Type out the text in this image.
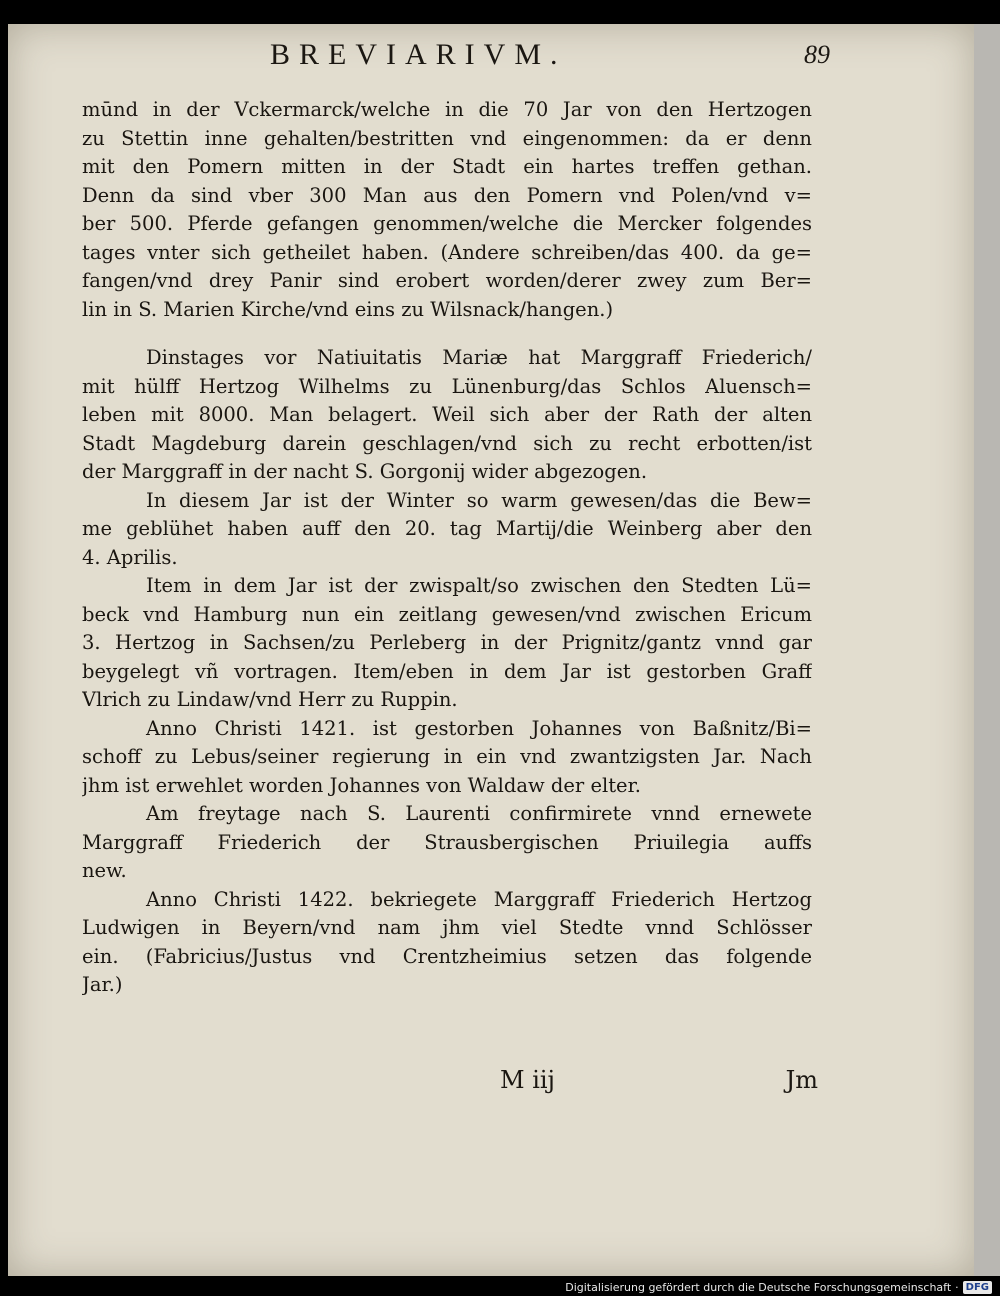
BREVIARIVM.	89
mūnd in der Vckermarck/welche in die 70 Jar von den Hertzogen
zu Stettin inne gehalten/bestritten vnd eingenommen: da er denn
mit den Pomern mitten in der Stadt ein hartes treffen gethan.
Denn da sind vber 300 Man aus den Pomern vnd Polen/vnd v=
ber 500. Pferde gefangen genommen/welche die Mercker folgendes
tages vnter sich getheilet haben. (Andere schreiben/das 400. da ge=
fangen/vnd drey Panir sind erobert worden/derer zwey zum Ber=
lin in S. Marien Kirche/vnd eins zu Wilsnack/hangen.)
Dinstages vor Natiuitatis Mariæ hat Marggraff Friederich/
mit hülff Hertzog Wilhelms zu Lünenburg/das Schlos Aluensch=
leben mit 8000. Man belagert. Weil sich aber der Rath der alten
Stadt Magdeburg darein geschlagen/vnd sich zu recht erbotten/ist
der Marggraff in der nacht S. Gorgonij wider abgezogen.
In diesem Jar ist der Winter so warm gewesen/das die Bew=
me geblühet haben auff den 20. tag Martij/die Weinberg aber den
4. Aprilis.
Item in dem Jar ist der zwispalt/so zwischen den Stedten Lü=
beck vnd Hamburg nun ein zeitlang gewesen/vnd zwischen Ericum
3. Hertzog in Sachsen/zu Perleberg in der Prignitz/gantz vnnd gar
beygelegt vñ vortragen. Item/eben in dem Jar ist gestorben Graff
Vlrich zu Lindaw/vnd Herr zu Ruppin.
Anno Christi 1421. ist gestorben Johannes von Baßnitz/Bi=
schoff zu Lebus/seiner regierung in ein vnd zwantzigsten Jar. Nach
jhm ist erwehlet worden Johannes von Waldaw der elter.
Am freytage nach S. Laurenti confirmirete vnnd ernewete
Marggraff Friederich der Strausbergischen Priuilegia auffs
new.
Anno Christi 1422. bekriegete Marggraff Friederich Hertzog
Ludwigen in Beyern/vnd nam jhm viel Stedte vnnd Schlösser
ein. (Fabricius/Justus vnd Crentzheimius setzen das folgende
Jar.)
M iij	Jm
Digitalisierung gefördert durch die Deutsche Forschungsgemeinschaft · DFG
